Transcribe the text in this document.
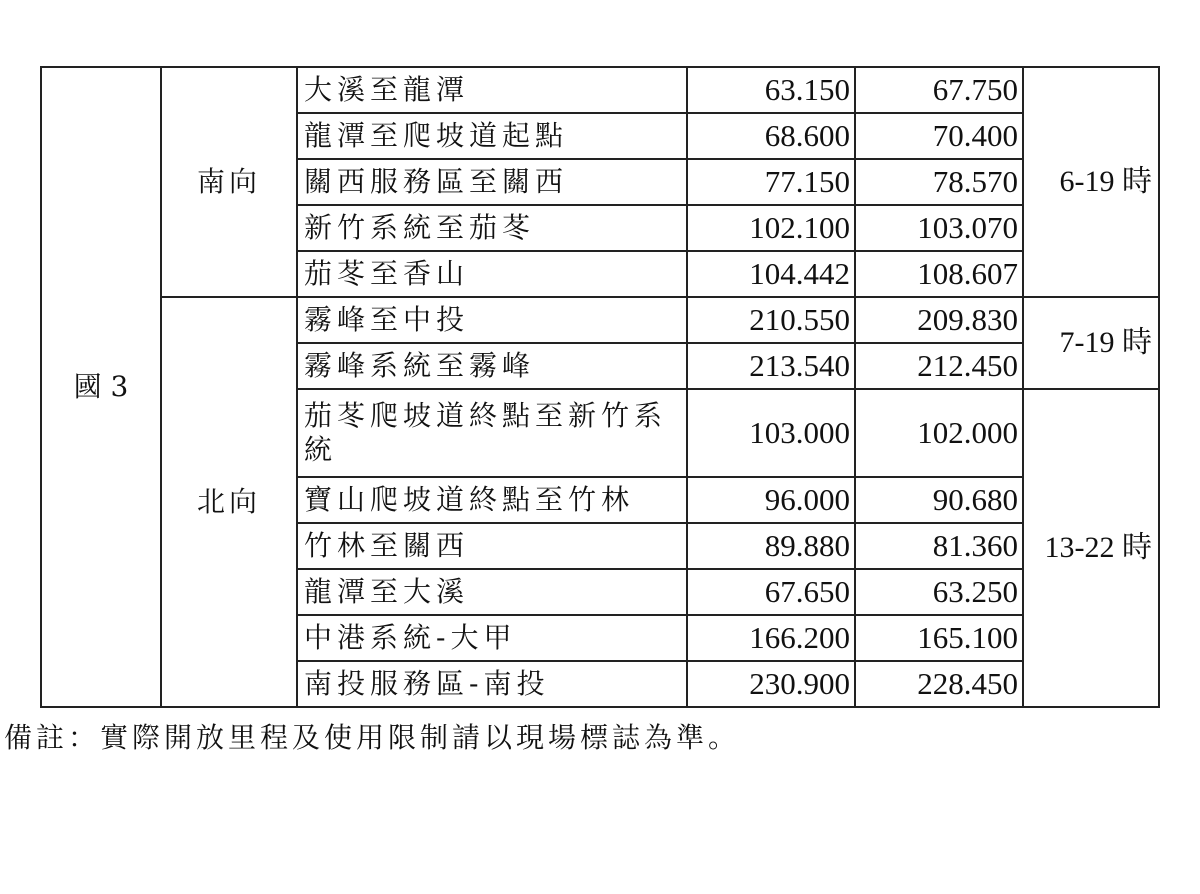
國 3	南向	大溪至龍潭	63.150	67.750	6-19 時
		龍潭至爬坡道起點	68.600	70.400	
		關西服務區至關西	77.150	78.570	
		新竹系統至茄苳	102.100	103.070	
		茄苳至香山	104.442	108.607	
	北向	霧峰至中投	210.550	209.830	7-19 時
		霧峰系統至霧峰	213.540	212.450	
		茄苳爬坡道終點至新竹系統	103.000	102.000	13-22 時
		寶山爬坡道終點至竹林	96.000	90.680	
		竹林至關西	89.880	81.360	
		龍潭至大溪	67.650	63.250	
		中港系統-大甲	166.200	165.100	
		南投服務區-南投	230.900	228.450	
備註：實際開放里程及使用限制請以現場標誌為準。
